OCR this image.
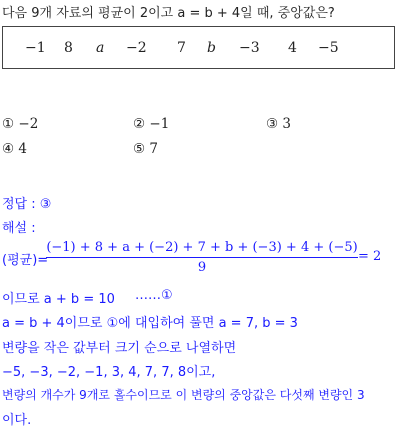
다음 9개 자료의 평균이 2이고 a = b + 4일 때, 중앙값은?
−1	8	a	−2	7	b	−3	4	−5
① −2	② −1	③ 3
④ 4	⑤ 7
정답 : ③
해설 :
(평균)=
$\frac{(-1) + 8 + a + (-2) + 7 + b + (-3) + 4 + (-5)}{9} = 2$
이므로 a + b = 10 ……①
a = b + 4이므로 ①에 대입하여 풀면 a = 7, b = 3
변량을 작은 값부터 크기 순으로 나열하면
−5, −3, −2, −1, 3, 4, 7, 7, 8이고,
변량의 개수가 9개로 홀수이므로 이 변량의 중앙값은 다섯째 변량인 3
이다.
